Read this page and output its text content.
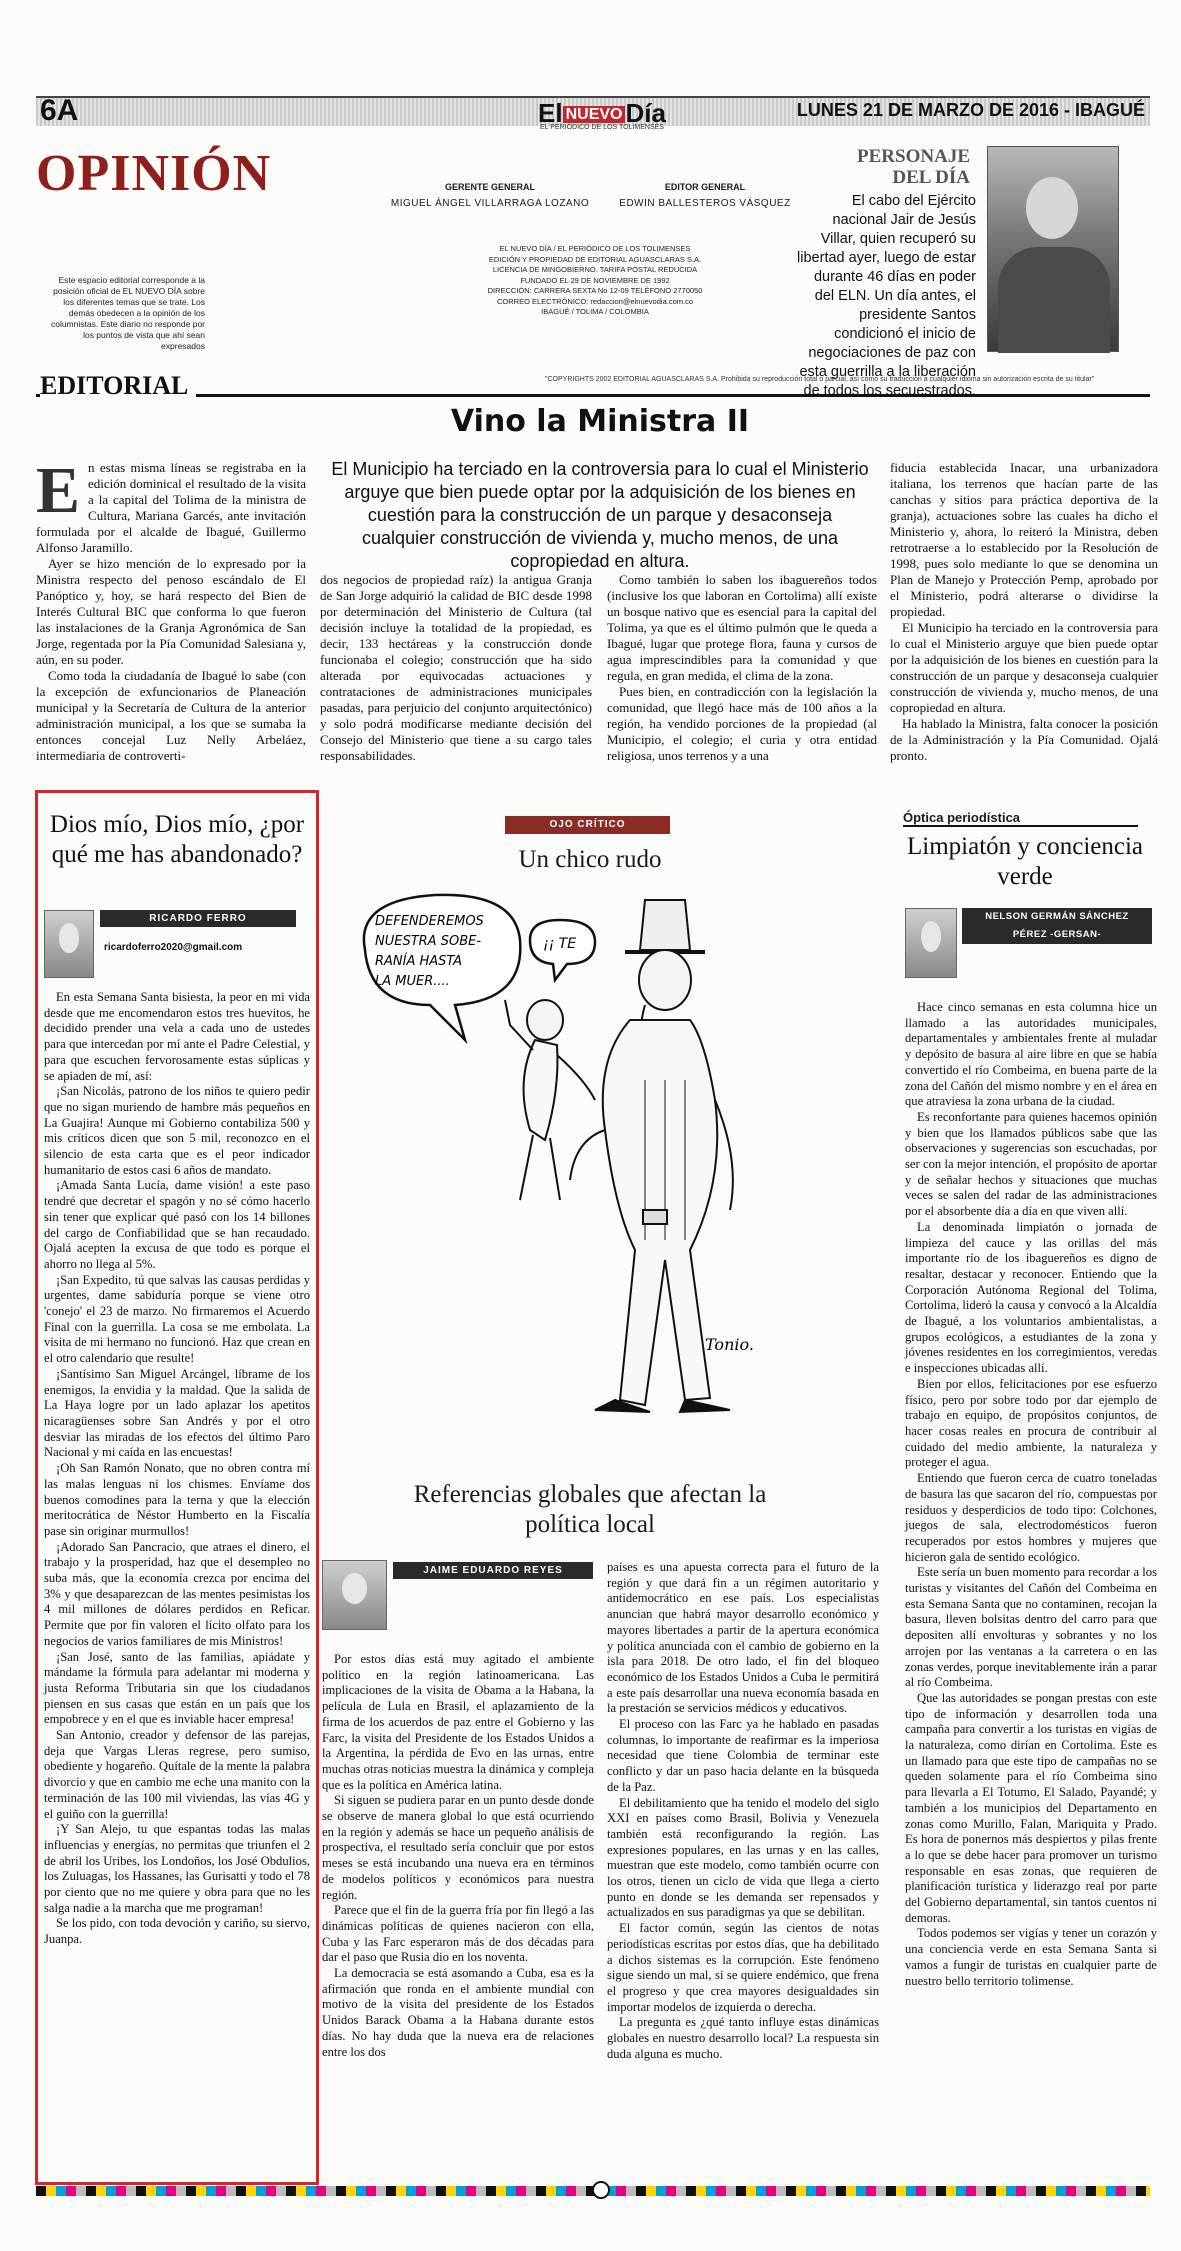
6A	El NUEVO Día
EL PERIÓDICO DE LOS TOLIMENSES
LUNES 21 DE MARZO DE 2016 - IBAGUÉ
OPINIÓN
Este espacio editorial corresponde a la posición oficial de EL NUEVO DÍA sobre los diferentes temas que se trate. Los demás obedecen a la opinión de los columnistas. Este diario no responde por los puntos de vista que ahí sean expresados
GERENTE GENERAL
MIGUEL ÁNGEL VILLARRAGA LOZANO
EDITOR GENERAL
EDWIN BALLESTEROS VÁSQUEZ
EL NUEVO DÍA / EL PERIÓDICO DE LOS TOLIMENSES
EDICIÓN Y PROPIEDAD DE EDITORIAL AGUASCLARAS S.A.
LICENCIA DE MINGOBIERNO. TARIFA POSTAL REDUCIDA
FUNDADO EL 29 DE NOVIEMBRE DE 1992
DIRECCIÓN: CARRERA SEXTA No 12-09 TELÉFONO 2770050
CORREO ELECTRÓNICO: redaccion@elnuevodia.com.co
IBAGUÉ / TOLIMA / COLOMBIA
PERSONAJE
DEL DÍA
El cabo del Ejército nacional Jair de Jesús Villar, quien recuperó su libertad ayer, luego de estar durante 46 días en poder del ELN. Un día antes, el presidente Santos condicionó el inicio de negociaciones de paz con esta guerrilla a la liberación de todos los secuestrados.
EDITORIAL	"COPYRIGHTS 2002 EDITORIAL AGUASCLARAS S.A. Prohibida su reproducción total o parcial, así como su traducción a cualquier idioma sin autorización escrita de su titular"
Vino la Ministra II
El Municipio ha terciado en la controversia para lo cual el Ministerio arguye que bien puede optar por la adquisición de los bienes en cuestión para la construcción de un parque y desaconseja cualquier construcción de vivienda y, mucho menos, de una copropiedad en altura.
E n estas misma líneas se registraba en la edición dominical el resultado de la visita a la capital del Tolima de la ministra de Cultura, Mariana Garcés, ante invitación formulada por el alcalde de Ibagué, Guillermo Alfonso Jaramillo.

Ayer se hizo mención de lo expresado por la Ministra respecto del penoso escándalo de El Panóptico y, hoy, se hará respecto del Bien de Interés Cultural BIC que conforma lo que fueron las instalaciones de la Granja Agronómica de San Jorge, regentada por la Pía Comunidad Salesiana y, aún, en su poder.

Como toda la ciudadanía de Ibagué lo sabe (con la excepción de exfuncionarios de Planeación municipal y la Secretaría de Cultura de la anterior administración municipal, a los que se sumaba la entonces concejal Luz Nelly Arbeláez, intermediaria de controverti-

dos negocios de propiedad raíz) la antigua Granja de San Jorge adquirió la calidad de BIC desde 1998 por determinación del Ministerio de Cultura (tal decisión incluye la totalidad de la propiedad, es decir, 133 hectáreas y la construcción donde funcionaba el colegio; construcción que ha sido alterada por equivocadas actuaciones y contrataciones de administraciones municipales pasadas, para perjuicio del conjunto arquitectónico) y solo podrá modificarse mediante decisión del Consejo del Ministerio que tiene a su cargo tales responsabilidades.

Como también lo saben los ibaguereños todos (inclusive los que laboran en Cortolima) allí existe un bosque nativo que es esencial para la capital del Tolima, ya que es el último pulmón que le queda a Ibagué, lugar que protege flora, fauna y cursos de agua imprescindibles para la comunidad y que regula, en gran medida, el clima de la zona.

Pues bien, en contradicción con la legislación la comunidad, que llegó hace más de 100 años a la región, ha vendido porciones de la propiedad (al Municipio, el colegio; el curia y otra entidad religiosa, unos terrenos y a una

fiducia establecida Inacar, una urbanizadora italiana, los terrenos que hacían parte de las canchas y sitios para práctica deportiva de la granja), actuaciones sobre las cuales ha dicho el Ministerio y, ahora, lo reiteró la Ministra, deben retrotraerse a lo establecido por la Resolución de 1998, pues solo mediante lo que se denomina un Plan de Manejo y Protección Pemp, aprobado por el Ministerio, podrá alterarse o dividirse la propiedad.

El Municipio ha terciado en la controversia para lo cual el Ministerio arguye que bien puede optar por la adquisición de los bienes en cuestión para la construcción de un parque y desaconseja cualquier construcción de vivienda y, mucho menos, de una copropiedad en altura.

Ha hablado la Ministra, falta conocer la posición de la Administración y la Pía Comunidad. Ojalá pronto.

Dios mío, Dios mío, ¿por qué me has abandonado?
RICARDO FERRO
ricardoferro2020@gmail.com

En esta Semana Santa bisiesta, la peor en mi vida desde que me encomendaron estos tres huevitos, he decidido prender una vela a cada uno de ustedes para que intercedan por mí ante el Padre Celestial, y para que escuchen fervorosamente estas súplicas y se apiaden de mí, así:

¡San Nicolás, patrono de los niños te quiero pedir que no sigan muriendo de hambre más pequeños en La Guajira! Aunque mi Gobierno contabiliza 500 y mis críticos dicen que son 5 mil, reconozco en el silencio de esta carta que es el peor indicador humanitario de estos casi 6 años de mandato.

¡Amada Santa Lucía, dame visión! a este paso tendré que decretar el spagón y no sé cómo hacerlo sin tener que explicar qué pasó con los 14 billones del cargo de Confiabilidad que se han recaudado. Ojalá acepten la excusa de que todo es porque el ahorro no llega al 5%.

¡San Expedito, tú que salvas las causas perdidas y urgentes, dame sabiduría porque se viene otro 'conejo' el 23 de marzo. No firmaremos el Acuerdo Final con la guerrilla. La cosa se me embolata. La visita de mi hermano no funcionó. Haz que crean en el otro calendario que resulte!

¡Santísimo San Miguel Arcángel, líbrame de los enemigos, la envidia y la maldad. Que la salida de La Haya logre por un lado aplazar los apetitos nicaragüenses sobre San Andrés y por el otro desviar las miradas de los efectos del último Paro Nacional y mi caída en las encuestas!

¡Oh San Ramón Nonato, que no obren contra mí las malas lenguas ni los chismes. Envíame dos buenos comodines para la terna y que la elección meritocrática de Néstor Humberto en la Fiscalía pase sin originar murmullos!

¡Adorado San Pancracio, que atraes el dinero, el trabajo y la prosperidad, haz que el desempleo no suba más, que la economía crezca por encima del 3% y que desaparezcan de las mentes pesimistas los 4 mil millones de dólares perdidos en Reficar. Permite que por fin valoren el lícito olfato para los negocios de varios familiares de mis Ministros!

¡San José, santo de las familias, apiádate y mándame la fórmula para adelantar mi moderna y justa Reforma Tributaria sin que los ciudadanos piensen en sus casas que están en un país que los empobrece y en el que es inviable hacer empresa!

San Antonio, creador y defensor de las parejas, deja que Vargas Lleras regrese, pero sumiso, obediente y hogareño. Quítale de la mente la palabra divorcio y que en cambio me eche una manito con la terminación de las 100 mil viviendas, las vías 4G y el guiño con la guerrilla!

¡Y San Alejo, tu que espantas todas las malas influencias y energías, no permitas que triunfen el 2 de abril los Uribes, los Londoños, los José Obdulios, los Zuluagas, los Hassanes, las Gurisatti y todo el 78 por ciento que no me quiere y obra para que no les salga nadie a la marcha que me programan!

Se los pido, con toda devoción y cariño, su siervo, Juanpa.

OJO CRÍTICO
Un chico rudo
DEFENDEREMOS NUESTRA SOBE- RANÍA HASTA LA MUER....
¡¡ TE
Tonio.
Referencias globales que afectan la política local
JAIME EDUARDO REYES

Por estos días está muy agitado el ambiente político en la región latinoamericana. Las implicaciones de la visita de Obama a la Habana, la película de Lula en Brasil, el aplazamiento de la firma de los acuerdos de paz entre el Gobierno y las Farc, la visita del Presidente de los Estados Unidos a la Argentina, la pérdida de Evo en las urnas, entre muchas otras noticias muestra la dinámica y compleja que es la política en América latina.

Si siguen se pudiera parar en un punto desde donde se observe de manera global lo que está ocurriendo en la región y además se hace un pequeño análisis de prospectiva, el resultado sería concluir que por estos meses se está incubando una nueva era en términos de modelos políticos y económicos para nuestra región.

Parece que el fin de la guerra fría por fin llegó a las dinámicas políticas de quienes nacieron con ella, Cuba y las Farc esperaron más de dos décadas para dar el paso que Rusia dio en los noventa.

La democracia se está asomando a Cuba, esa es la afirmación que ronda en el ambiente mundial con motivo de la visita del presidente de los Estados Unidos Barack Obama a la Habana durante estos días. No hay duda que la nueva era de relaciones entre los dos

países es una apuesta correcta para el futuro de la región y que dará fin a un régimen autoritario y antidemocrático en ese país. Los especialistas anuncian que habrá mayor desarrollo económico y mayores libertades a partir de la apertura económica y política anunciada con el cambio de gobierno en la isla para 2018. De otro lado, el fin del bloqueo económico de los Estados Unidos a Cuba le permitirá a este país desarrollar una nueva economía basada en la prestación se servicios médicos y educativos.

El proceso con las Farc ya he hablado en pasadas columnas, lo importante de reafirmar es la imperiosa necesidad que tiene Colombia de terminar este conflicto y dar un paso hacia delante en la búsqueda de la Paz.

El debilitamiento que ha tenido el modelo del siglo XXI en países como Brasil, Bolivia y Venezuela también está reconfigurando la región. Las expresiones populares, en las urnas y en las calles, muestran que este modelo, como también ocurre con los otros, tienen un ciclo de vida que llega a cierto punto en donde se les demanda ser repensados y actualizados en sus paradigmas ya que se debilitan.

El factor común, según las cientos de notas periodísticas escritas por estos días, que ha debilitado a dichos sistemas es la corrupción. Este fenómeno sigue siendo un mal, si se quiere endémico, que frena el progreso y que crea mayores desigualdades sin importar modelos de izquierda o derecha.

La pregunta es ¿qué tanto influye estas dinámicas globales en nuestro desarrollo local? La respuesta sin duda alguna es mucho.

Óptica periodística
Limpiatón y conciencia verde
NELSON GERMÁN SÁNCHEZ
PÉREZ -GERSAN-

Hace cinco semanas en esta columna hice un llamado a las autoridades municipales, departamentales y ambientales frente al muladar y depósito de basura al aire libre en que se había convertido el río Combeima, en buena parte de la zona del Cañón del mismo nombre y en el área en que atraviesa la zona urbana de la ciudad.

Es reconfortante para quienes hacemos opinión y bien que los llamados públicos sabe que las observaciones y sugerencias son escuchadas, por ser con la mejor intención, el propósito de aportar y de señalar hechos y situaciones que muchas veces se salen del radar de las administraciones por el absorbente día a día en que viven allí.

La denominada limpiatón o jornada de limpieza del cauce y las orillas del más importante río de los ibaguereños es digno de resaltar, destacar y reconocer. Entiendo que la Corporación Autónoma Regional del Tolima, Cortolima, lideró la causa y convocó a la Alcaldía de Ibagué, a los voluntarios ambientalistas, a grupos ecológicos, a estudiantes de la zona y jóvenes residentes en los corregimientos, veredas e inspecciones ubicadas allí.

Bien por ellos, felicitaciones por ese esfuerzo físico, pero por sobre todo por dar ejemplo de trabajo en equipo, de propósitos conjuntos, de hacer cosas reales en procura de contribuir al cuidado del medio ambiente, la naturaleza y proteger el agua.

Entiendo que fueron cerca de cuatro toneladas de basura las que sacaron del río, compuestas por residuos y desperdicios de todo tipo: Colchones, juegos de sala, electrodomésticos fueron recuperados por estos hombres y mujeres que hicieron gala de sentido ecológico.

Este sería un buen momento para recordar a los turistas y visitantes del Cañón del Combeima en esta Semana Santa que no contaminen, recojan la basura, lleven bolsitas dentro del carro para que depositen allí envolturas y sobrantes y no los arrojen por las ventanas a la carretera o en las zonas verdes, porque inevitablemente irán a parar al río Combeima.

Que las autoridades se pongan prestas con este tipo de información y desarrollen toda una campaña para convertir a los turistas en vigías de la naturaleza, como dirían en Cortolima. Este es un llamado para que este tipo de campañas no se queden solamente para el río Combeima sino para llevarla a El Totumo, El Salado, Payandé; y también a los municipios del Departamento en zonas como Murillo, Falan, Mariquita y Prado. Es hora de ponernos más despiertos y pilas frente a lo que se debe hacer para promover un turismo responsable en esas zonas, que requieren de planificación turística y liderazgo real por parte del Gobierno departamental, sin tantos cuentos ni demoras.

Todos podemos ser vigías y tener un corazón y una conciencia verde en esta Semana Santa si vamos a fungir de turistas en cualquier parte de nuestro bello territorio tolimense.
